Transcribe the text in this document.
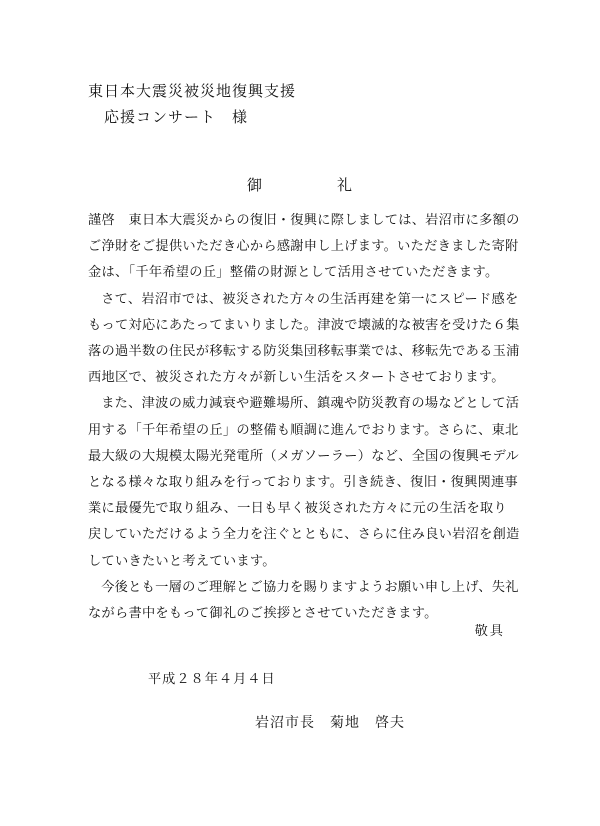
東日本大震災被災地復興支援
応援コンサート　様
御	礼

謹啓　東日本大震災からの復旧・復興に際しましては、岩沼市に多額のご浄財をご提供いただき心から感謝申し上げます。いただきました寄附金は、「千年希望の丘」整備の財源として活用させていただきます。

さて、岩沼市では、被災された方々の生活再建を第一にスピード感をもって対応にあたってまいりました。津波で壊滅的な被害を受けた６集落の過半数の住民が移転する防災集団移転事業では、移転先である玉浦西地区で、被災された方々が新しい生活をスタートさせております。

また、津波の威力減衰や避難場所、鎮魂や防災教育の場などとして活用する「千年希望の丘」の整備も順調に進んでおります。さらに、東北最大級の大規模太陽光発電所（メガソーラー）など、全国の復興モデルとなる様々な取り組みを行っております。引き続き、復旧・復興関連事業に最優先で取り組み、一日も早く被災された方々に元の生活を取り戻していただけるよう全力を注ぐとともに、さらに住み良い岩沼を創造していきたいと考えています。

今後とも一層のご理解とご協力を賜りますようお願い申し上げ、失礼ながら書中をもって御礼のご挨拶とさせていただきます。

敬具
平成２８年４月４日
岩沼市長　菊地　啓夫
